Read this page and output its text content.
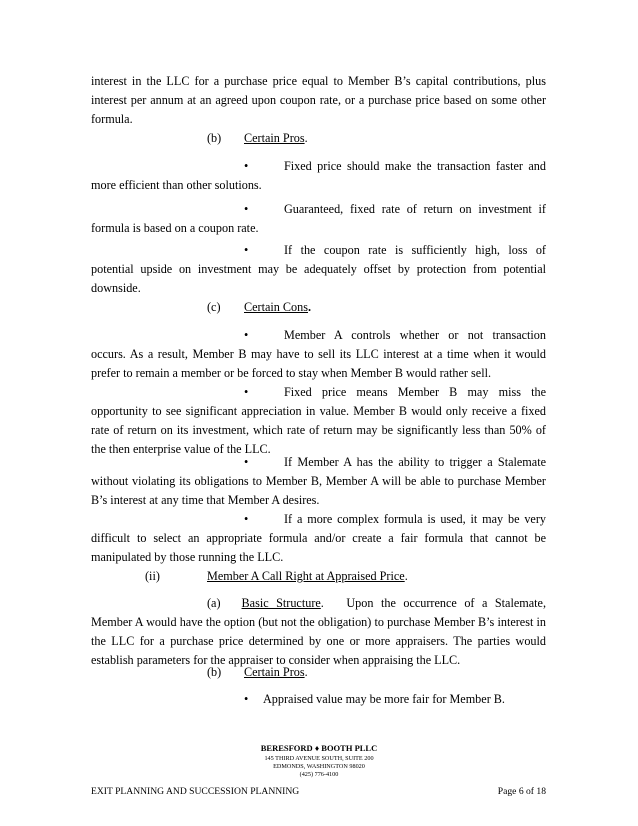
interest in the LLC for a purchase price equal to Member B’s capital contributions, plus interest per annum at an agreed upon coupon rate, or a purchase price based on some other formula.
(b) Certain Pros.
•	Fixed price should make the transaction faster and more efficient than other solutions.
•	Guaranteed, fixed rate of return on investment if formula is based on a coupon rate.
•	If the coupon rate is sufficiently high, loss of potential upside on investment may be adequately offset by protection from potential downside.
(c) Certain Cons.
•	Member A controls whether or not transaction occurs. As a result, Member B may have to sell its LLC interest at a time when it would prefer to remain a member or be forced to stay when Member B would rather sell.
•	Fixed price means Member B may miss the opportunity to see significant appreciation in value. Member B would only receive a fixed rate of return on its investment, which rate of return may be significantly less than 50% of the then enterprise value of the LLC.
•	If Member A has the ability to trigger a Stalemate without violating its obligations to Member B, Member A will be able to purchase Member B’s interest at any time that Member A desires.
•	If a more complex formula is used, it may be very difficult to select an appropriate formula and/or create a fair formula that cannot be manipulated by those running the LLC.
(ii)	Member A Call Right at Appraised Price.
(a) Basic Structure. Upon the occurrence of a Stalemate, Member A would have the option (but not the obligation) to purchase Member B’s interest in the LLC for a purchase price determined by one or more appraisers. The parties would establish parameters for the appraiser to consider when appraising the LLC.
(b) Certain Pros.
• Appraised value may be more fair for Member B.
BERESFORD ♦ BOOTH PLLC
145 THIRD AVENUE SOUTH, SUITE 200
EDMONDS, WASHINGTON 98020
(425) 776-4100
EXIT PLANNING AND SUCCESSION PLANNING	Page 6 of 18
